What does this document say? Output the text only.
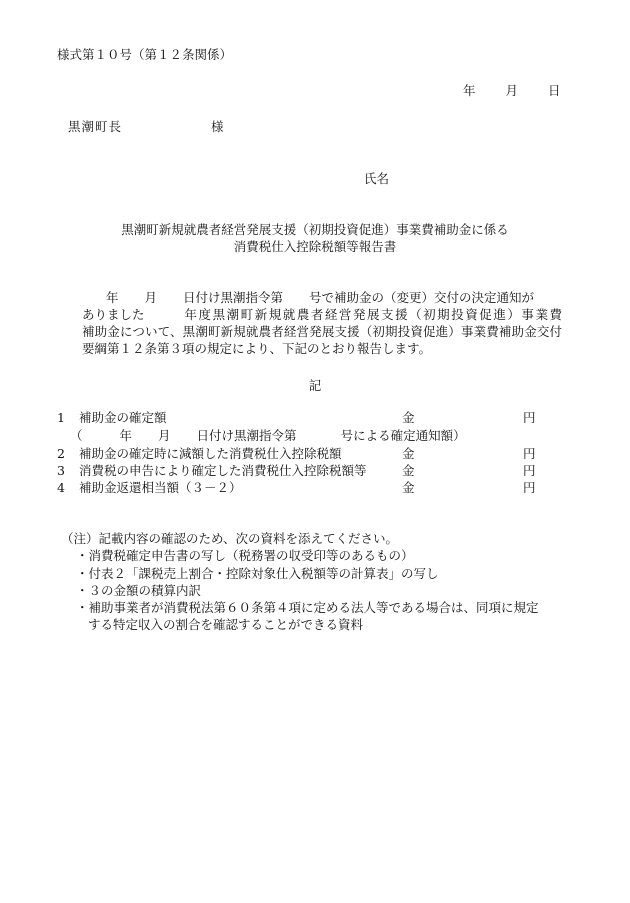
様式第１０号（第１２条関係）
年 月 日
黒潮町長	様
氏名
黒潮町新規就農者経営発展支援（初期投資促進）事業費補助金に係る
消費税仕入控除税額等報告書
年 月 日付け黒潮指令第 号で補助金の（変更）交付の決定通知が
ありました	年度黒潮町新規就農者経営発展支援（初期投資促進）事業費
補助金について、黒潮町新規就農者経営発展支援（初期投資促進）事業費補助金交付
要綱第１２条第３項の規定により、下記のとおり報告します。
記
1 補助金の確定額	金	円
（	年 月 日付け黒潮指令第	号による確定通知額）
2 補助金の確定時に減額した消費税仕入控除税額	金	円
3 消費税の申告により確定した消費税仕入控除税額等	金	円
4 補助金返還相当額（３－２）	金	円
（注）記載内容の確認のため、次の資料を添えてください。
・消費税確定申告書の写し（税務署の収受印等のあるもの）
・付表２「課税売上割合・控除対象仕入税額等の計算表」の写し
・３の金額の積算内訳
・補助事業者が消費税法第６０条第４項に定める法人等である場合は、同項に規定
する特定収入の割合を確認することができる資料
